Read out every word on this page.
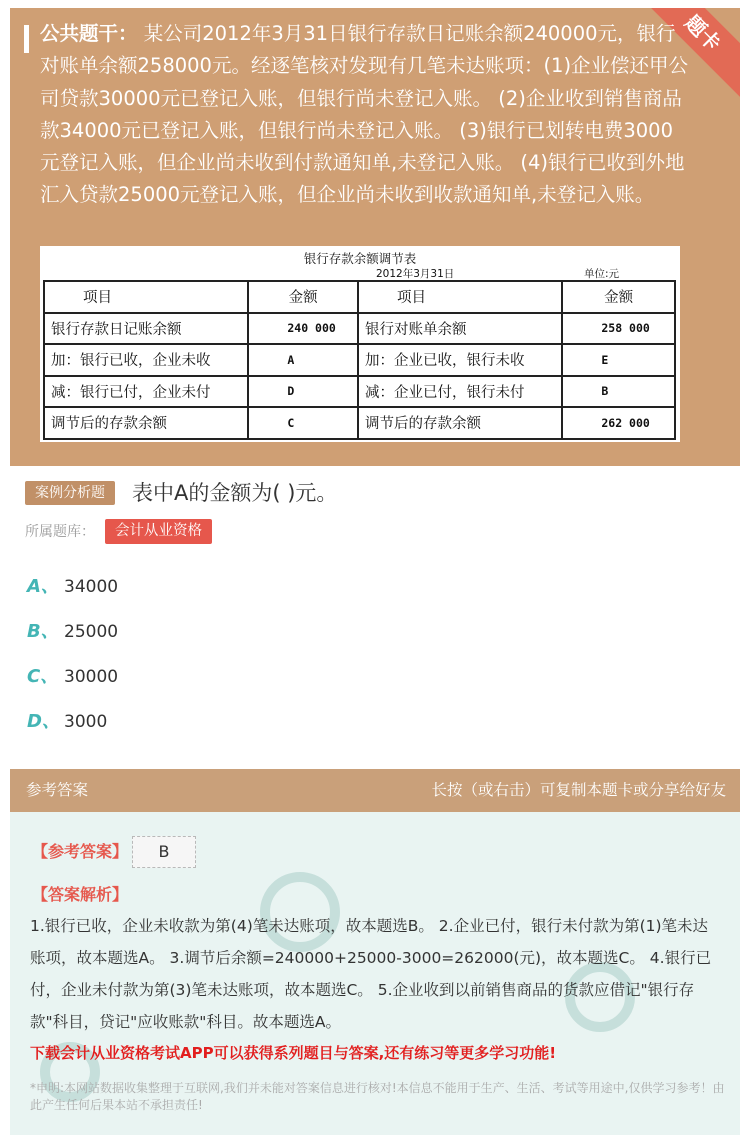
题卡
公共题干： 某公司2012年3月31日银行存款日记账余额240000元，银行对账单余额258000元。经逐笔核对发现有几笔未达账项：(1)企业偿还甲公司贷款30000元已登记入账，但银行尚未登记入账。 (2)企业收到销售商品款34000元已登记入账，但银行尚未登记入账。 (3)银行已划转电费3000元登记入账，但企业尚未收到付款通知单,未登记入账。 (4)银行已收到外地汇入贷款25000元登记入账，但企业尚未收到收款通知单,未登记入账。
银行存款余额调节表
2012年3月31日	单位:元
项目	金额	项目	金额
银行存款日记账余额	240 000	银行对账单余额	258 000
加：银行已收，企业未收	A	加：企业已收，银行未收	E
减：银行已付，企业未付	D	减：企业已付，银行未付	B
调节后的存款余额	C	调节后的存款余额	262 000
案例分析题	表中A的金额为( )元。
所属题库：	会计从业资格
A、 34000
B、 25000
C、 30000
D、 3000
参考答案	长按（或右击）可复制本题卡或分享给好友
【参考答案】	B
【答案解析】
1.银行已收，企业未收款为第(4)笔未达账项，故本题选B。 2.企业已付，银行未付款为第(1)笔未达账项，故本题选A。 3.调节后余额=240000+25000-3000=262000(元)，故本题选C。 4.银行已付，企业未付款为第(3)笔未达账项，故本题选C。 5.企业收到以前销售商品的货款应借记"银行存款"科目，贷记"应收账款"科目。故本题选A。
下载会计从业资格考试APP可以获得系列题目与答案,还有练习等更多学习功能!
*申明:本网站数据收集整理于互联网,我们并未能对答案信息进行核对!本信息不能用于生产、生活、考试等用途中,仅供学习参考！由此产生任何后果本站不承担责任!
